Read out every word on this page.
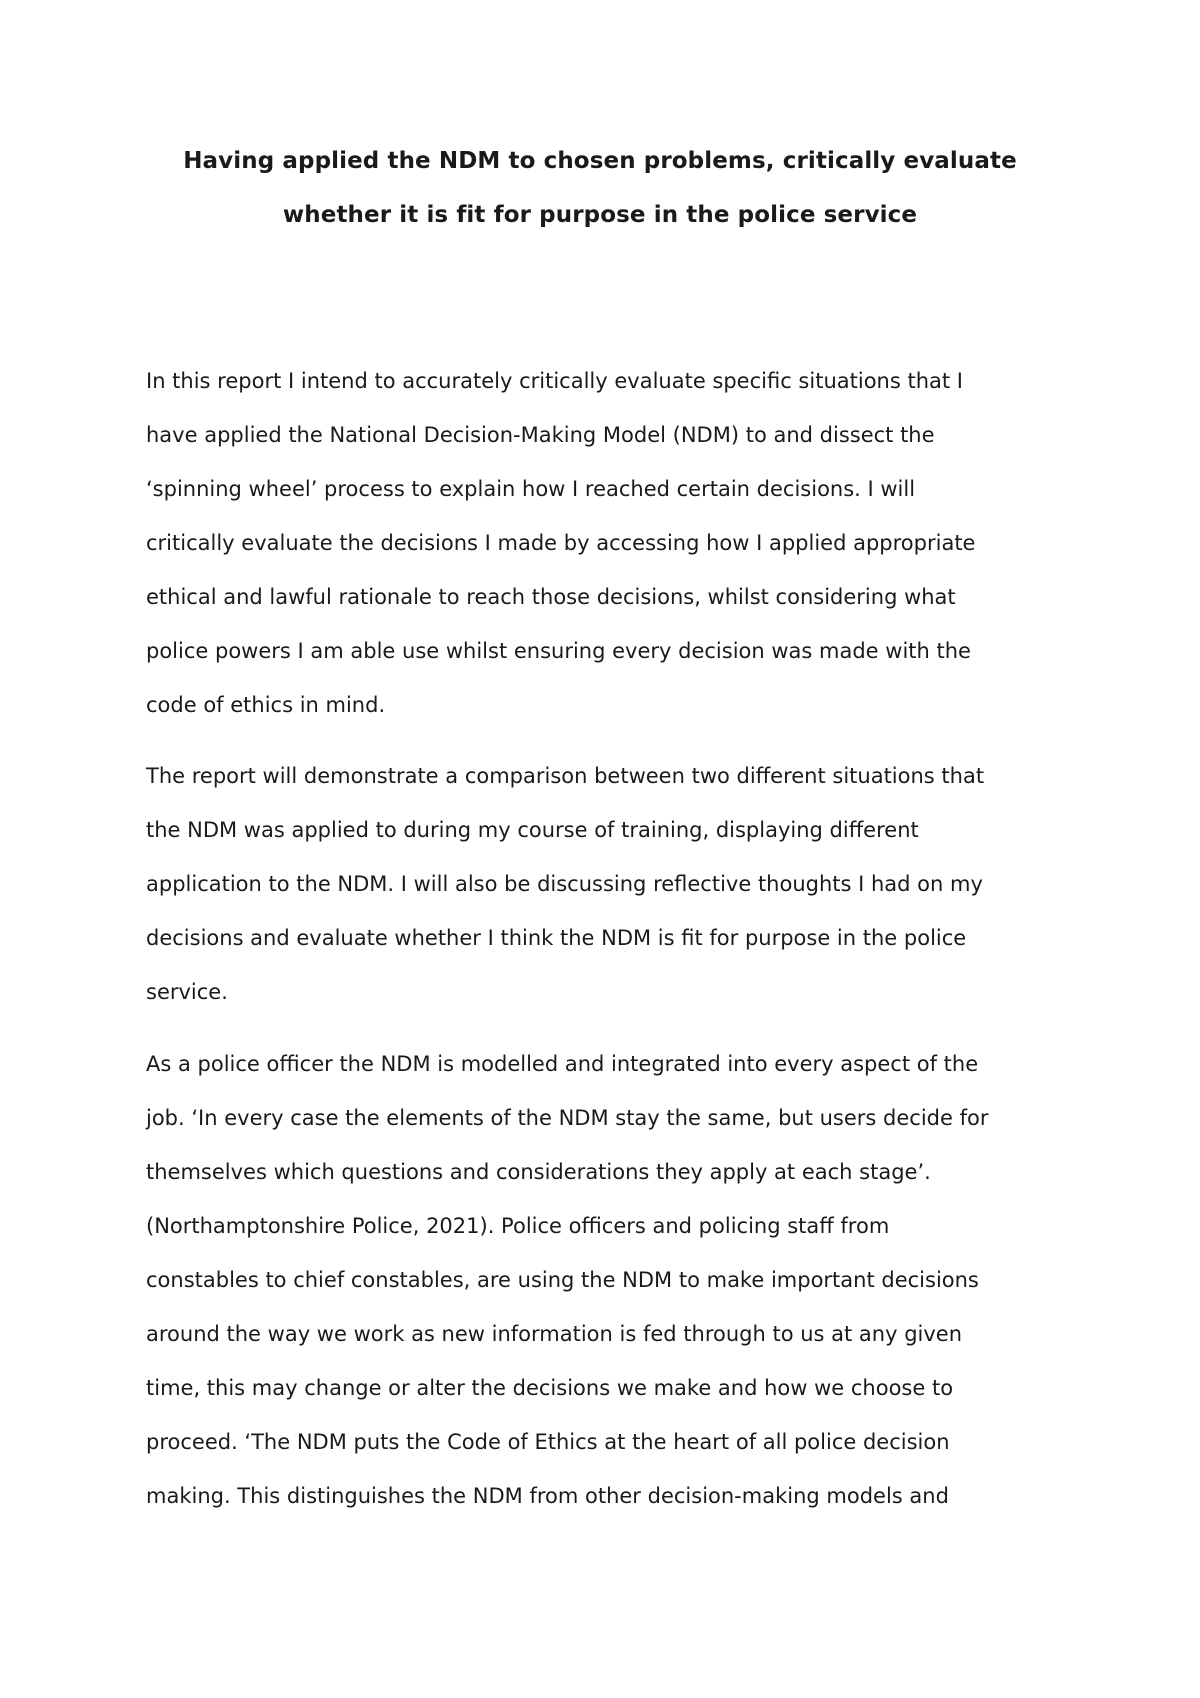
Having applied the NDM to chosen problems, critically evaluate
whether it is fit for purpose in the police service

In this report I intend to accurately critically evaluate specific situations that I
have applied the National Decision-Making Model (NDM) to and dissect the
‘spinning wheel’ process to explain how I reached certain decisions. I will
critically evaluate the decisions I made by accessing how I applied appropriate
ethical and lawful rationale to reach those decisions, whilst considering what
police powers I am able use whilst ensuring every decision was made with the
code of ethics in mind.

The report will demonstrate a comparison between two different situations that
the NDM was applied to during my course of training, displaying different
application to the NDM. I will also be discussing reflective thoughts I had on my
decisions and evaluate whether I think the NDM is fit for purpose in the police
service.

As a police officer the NDM is modelled and integrated into every aspect of the
job. ‘In every case the elements of the NDM stay the same, but users decide for
themselves which questions and considerations they apply at each stage’.
(Northamptonshire Police, 2021). Police officers and policing staff from
constables to chief constables, are using the NDM to make important decisions
around the way we work as new information is fed through to us at any given
time, this may change or alter the decisions we make and how we choose to
proceed. ‘The NDM puts the Code of Ethics at the heart of all police decision
making. This distinguishes the NDM from other decision-making models and
